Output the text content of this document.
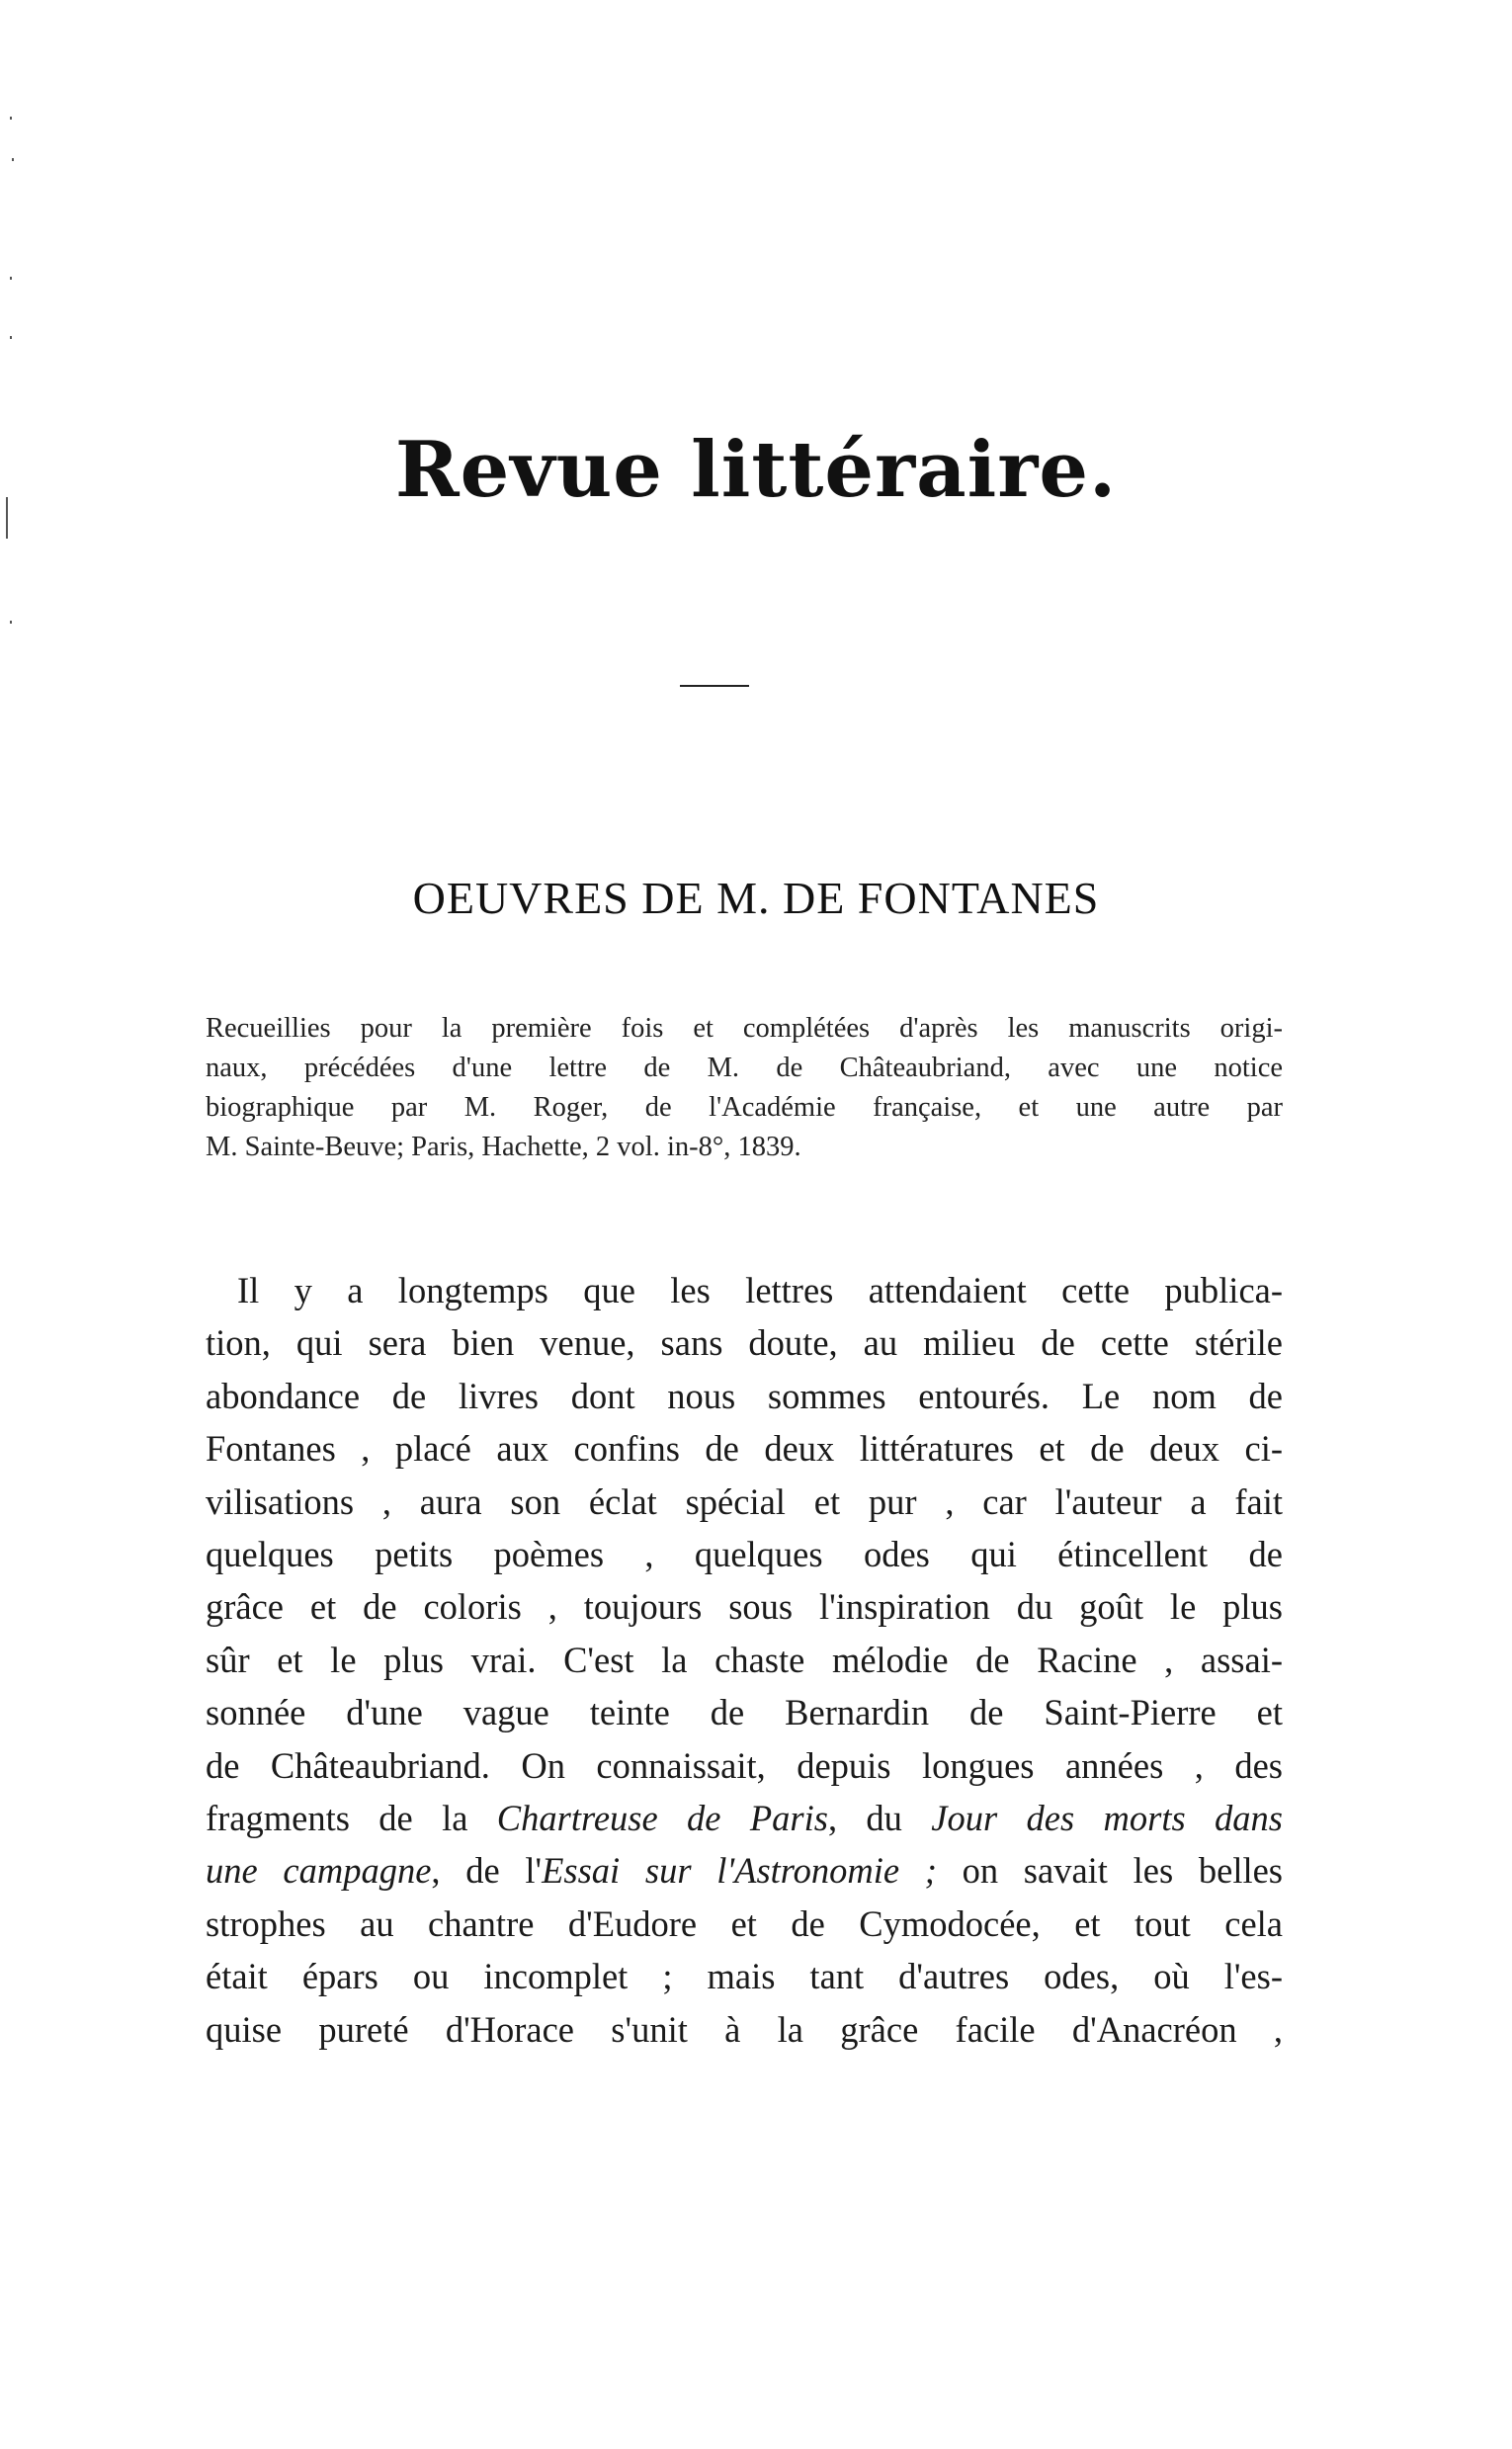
Revue littéraire.
OEUVRES DE M. DE FONTANES
Recueillies pour la première fois et complétées d'après les manuscrits origi-
naux, précédées d'une lettre de M. de Châteaubriand, avec une notice
biographique par M. Roger, de l'Académie française, et une autre par
M. Sainte-Beuve; Paris, Hachette, 2 vol. in-8°, 1839.
Il y a longtemps que les lettres attendaient cette publica-
tion, qui sera bien venue, sans doute, au milieu de cette stérile
abondance de livres dont nous sommes entourés. Le nom de
Fontanes , placé aux confins de deux littératures et de deux ci-
vilisations , aura son éclat spécial et pur , car l'auteur a fait
quelques petits poèmes , quelques odes qui étincellent de
grâce et de coloris , toujours sous l'inspiration du goût le plus
sûr et le plus vrai. C'est la chaste mélodie de Racine , assai-
sonnée d'une vague teinte de Bernardin de Saint-Pierre et
de Châteaubriand. On connaissait, depuis longues années , des
fragments de la Chartreuse de Paris, du Jour des morts dans
une campagne, de l'Essai sur l'Astronomie ; on savait les belles
strophes au chantre d'Eudore et de Cymodocée, et tout cela
était épars ou incomplet ; mais tant d'autres odes, où l'es-
quise pureté d'Horace s'unit à la grâce facile d'Anacréon ,
